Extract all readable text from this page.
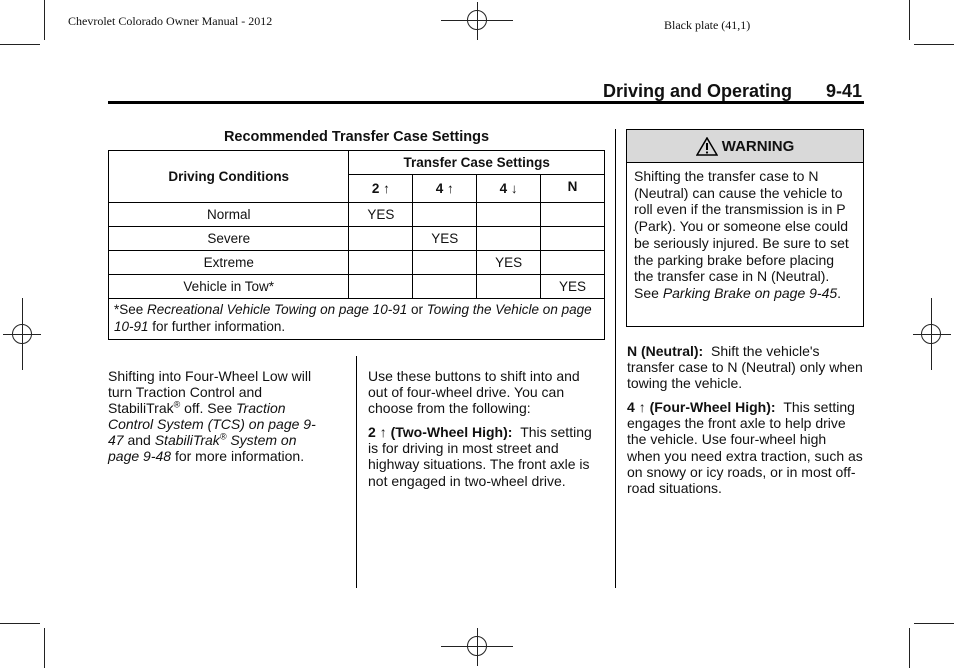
Chevrolet Colorado Owner Manual - 2012	Black plate (41,1)
Driving and Operating 9-41
Recommended Transfer Case Settings
Driving Conditions	Transfer Case Settings			
	2 ↑	4 ↑	4 ↓	N
Normal	YES			
Severe		YES		
Extreme			YES	
Vehicle in Tow*				YES
*See Recreational Vehicle Towing on page 10-91 or Towing the Vehicle on page 10-91 for further information.				

Shifting into Four-Wheel Low will turn Traction Control and StabiliTrak® off. See Traction Control System (TCS) on page 9-47 and StabiliTrak® System on page 9-48 for more information.

Use these buttons to shift into and out of four-wheel drive. You can choose from the following:

2 ↑ (Two-Wheel High): This setting is for driving in most street and highway situations. The front axle is not engaged in two-wheel drive.

WARNING
Shifting the transfer case to N (Neutral) can cause the vehicle to roll even if the transmission is in P (Park). You or someone else could be seriously injured. Be sure to set the parking brake before placing the transfer case in N (Neutral). See Parking Brake on page 9-45.

N (Neutral): Shift the vehicle's transfer case to N (Neutral) only when towing the vehicle.

4 ↑ (Four-Wheel High): This setting engages the front axle to help drive the vehicle. Use four-wheel high when you need extra traction, such as on snowy or icy roads, or in most off-road situations.
